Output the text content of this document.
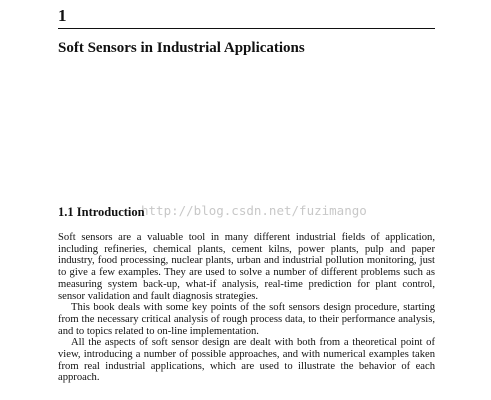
1
Soft Sensors in Industrial Applications
http://blog.csdn.net/fuzimango
1.1 Introduction

Soft sensors are a valuable tool in many different industrial fields of application, including refineries, chemical plants, cement kilns, power plants, pulp and paper industry, food processing, nuclear plants, urban and industrial pollution monitoring, just to give a few examples. They are used to solve a number of different problems such as measuring system back-up, what-if analysis, real-time prediction for plant control, sensor validation and fault diagnosis strategies.

This book deals with some key points of the soft sensors design procedure, starting from the necessary critical analysis of rough process data, to their performance analysis, and to topics related to on-line implementation.

All the aspects of soft sensor design are dealt with both from a theoretical point of view, introducing a number of possible approaches, and with numerical examples taken from real industrial applications, which are used to illustrate the behavior of each approach.
